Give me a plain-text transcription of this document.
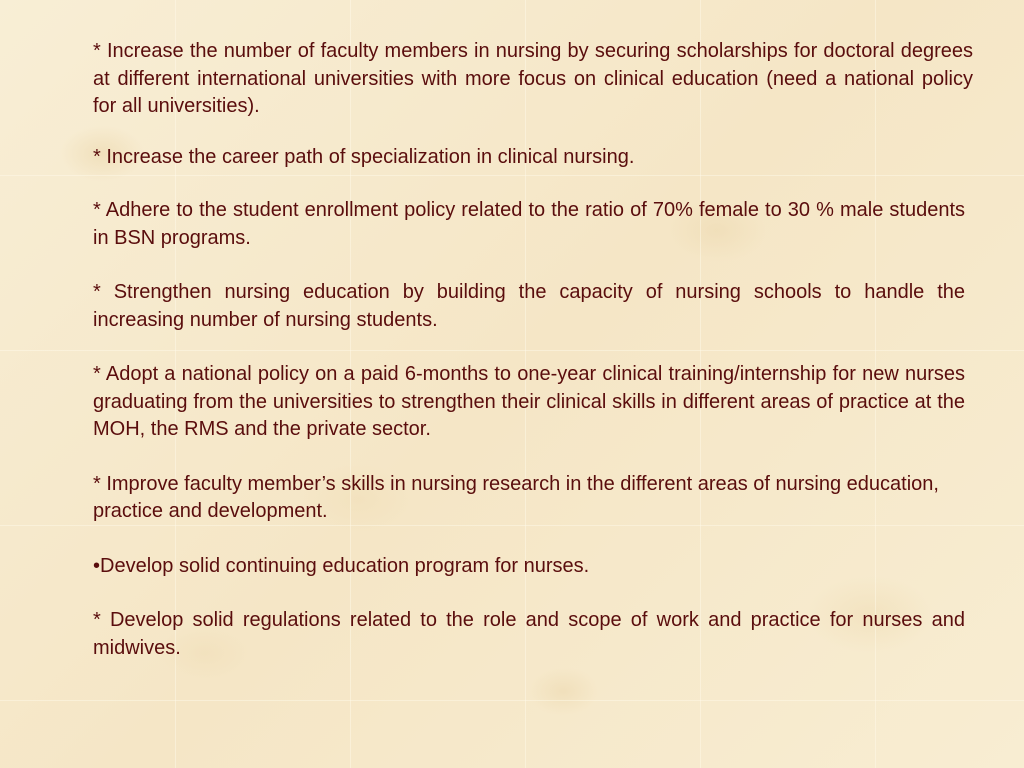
* Increase the number of faculty members in nursing by securing scholarships for doctoral degrees at different international universities with more focus on clinical education (need a national policy for all universities).

* Increase the career path of specialization in clinical nursing.

* Adhere to the student enrollment policy related to the ratio of 70% female to 30 % male students in BSN programs.

* Strengthen nursing education by building the capacity of nursing schools to handle the increasing number of nursing students.

* Adopt a national policy on a paid 6-months to one-year clinical training/internship for new nurses graduating from the universities to strengthen their clinical skills in different areas of practice at the MOH, the RMS and the private sector.

* Improve faculty member’s skills in nursing research in the different areas of nursing education, practice and development.

•Develop solid continuing education program for nurses.

* Develop solid regulations related to the role and scope of work and practice for nurses and midwives.
